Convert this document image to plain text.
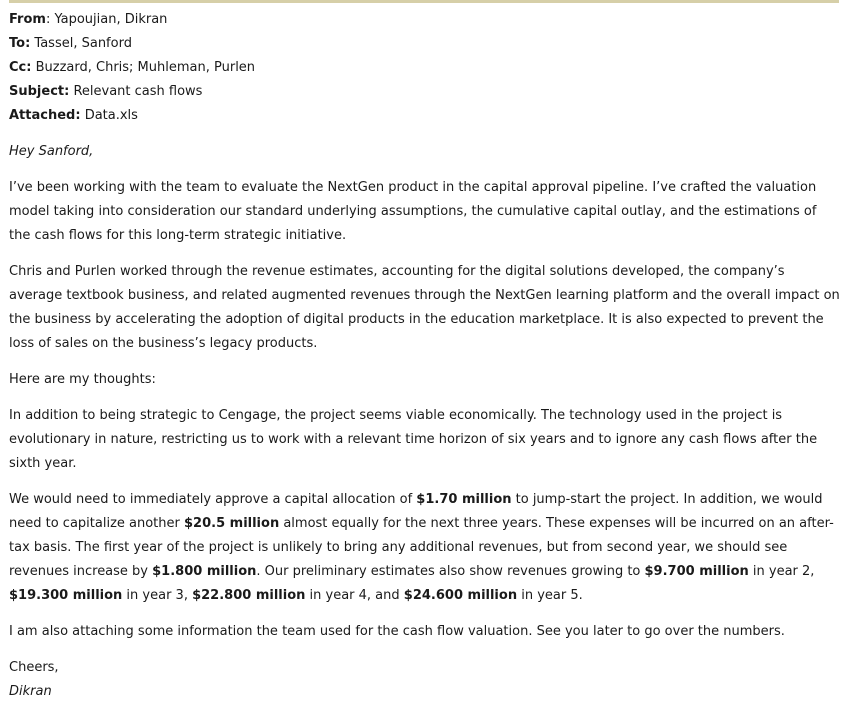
From: Yapoujian, Dikran
To: Tassel, Sanford
Cc: Buzzard, Chris; Muhleman, Purlen
Subject: Relevant cash flows
Attached: Data.xls

Hey Sanford,

I’ve been working with the team to evaluate the NextGen product in the capital approval pipeline. I’ve crafted the valuation model taking into consideration our standard underlying assumptions, the cumulative capital outlay, and the estimations of the cash flows for this long-term strategic initiative.

Chris and Purlen worked through the revenue estimates, accounting for the digital solutions developed, the company’s average textbook business, and related augmented revenues through the NextGen learning platform and the overall impact on the business by accelerating the adoption of digital products in the education marketplace. It is also expected to prevent the loss of sales on the business’s legacy products.

Here are my thoughts:

In addition to being strategic to Cengage, the project seems viable economically. The technology used in the project is evolutionary in nature, restricting us to work with a relevant time horizon of six years and to ignore any cash flows after the sixth year.

We would need to immediately approve a capital allocation of $1.70 million to jump-start the project. In addition, we would need to capitalize another $20.5 million almost equally for the next three years. These expenses will be incurred on an after-tax basis. The first year of the project is unlikely to bring any additional revenues, but from second year, we should see revenues increase by $1.800 million. Our preliminary estimates also show revenues growing to $9.700 million in year 2, $19.300 million in year 3, $22.800 million in year 4, and $24.600 million in year 5.

I am also attaching some information the team used for the cash flow valuation. See you later to go over the numbers.

Cheers,
Dikran
